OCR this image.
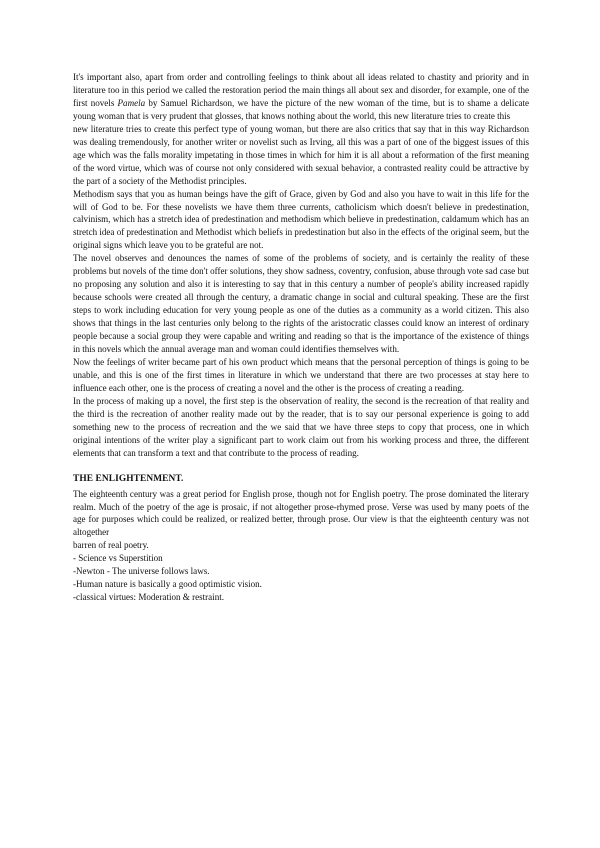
It's important also, apart from order and controlling feelings to think about all ideas related to chastity and priority and in literature too in this period we called the restoration period the main things all about sex and disorder, for example, one of the first novels Pamela by Samuel Richardson, we have the picture of the new woman of the time, but is to shame a delicate young woman that is very prudent that glosses, that knows nothing about the world, this new literature tries to create this

new literature tries to create this perfect type of young woman, but there are also critics that say that in this way Richardson was dealing tremendously, for another writer or novelist such as Irving, all this was a part of one of the biggest issues of this age which was the falls morality impetating in those times in which for him it is all about a reformation of the first meaning of the word virtue, which was of course not only considered with sexual behavior, a contrasted reality could be attractive by the part of a society of the Methodist principles.

Methodism says that you as human beings have the gift of Grace, given by God and also you have to wait in this life for the will of God to be. For these novelists we have them three currents, catholicism which doesn't believe in predestination, calvinism, which has a stretch idea of predestination and methodism which believe in predestination, caldamum which has an stretch idea of predestination and Methodist which beliefs in predestination but also in the effects of the original seem, but the original signs which leave you to be grateful are not.

The novel observes and denounces the names of some of the problems of society, and is certainly the reality of these problems but novels of the time don't offer solutions, they show sadness, coventry, confusion, abuse through vote sad case but no proposing any solution and also it is interesting to say that in this century a number of people's ability increased rapidly because schools were created all through the century, a dramatic change in social and cultural speaking. These are the first steps to work including education for very young people as one of the duties as a community as a world citizen. This also shows that things in the last centuries only belong to the rights of the aristocratic classes could know an interest of ordinary people because a social group they were capable and writing and reading so that is the importance of the existence of things in this novels which the annual average man and woman could identifies themselves with.

Now the feelings of writer became part of his own product which means that the personal perception of things is going to be unable, and this is one of the first times in literature in which we understand that there are two processes at stay here to influence each other, one is the process of creating a novel and the other is the process of creating a reading.

In the process of making up a novel, the first step is the observation of reality, the second is the recreation of that reality and the third is the recreation of another reality made out by the reader, that is to say our personal experience is going to add something new to the process of recreation and the we said that we have three steps to copy that process, one in which original intentions of the writer play a significant part to work claim out from his working process and three, the different elements that can transform a text and that contribute to the process of reading.

THE ENLIGHTENMENT.

The eighteenth century was a great period for English prose, though not for English poetry. The prose dominated the literary realm. Much of the poetry of the age is prosaic, if not altogether prose-rhymed prose. Verse was used by many poets of the age for purposes which could be realized, or realized better, through prose. Our view is that the eighteenth century was not altogether

barren of real poetry.

- Science vs Superstition
-Newton - The universe follows laws.
-Human nature is basically a good optimistic vision.
-classical virtues: Moderation & restraint.
